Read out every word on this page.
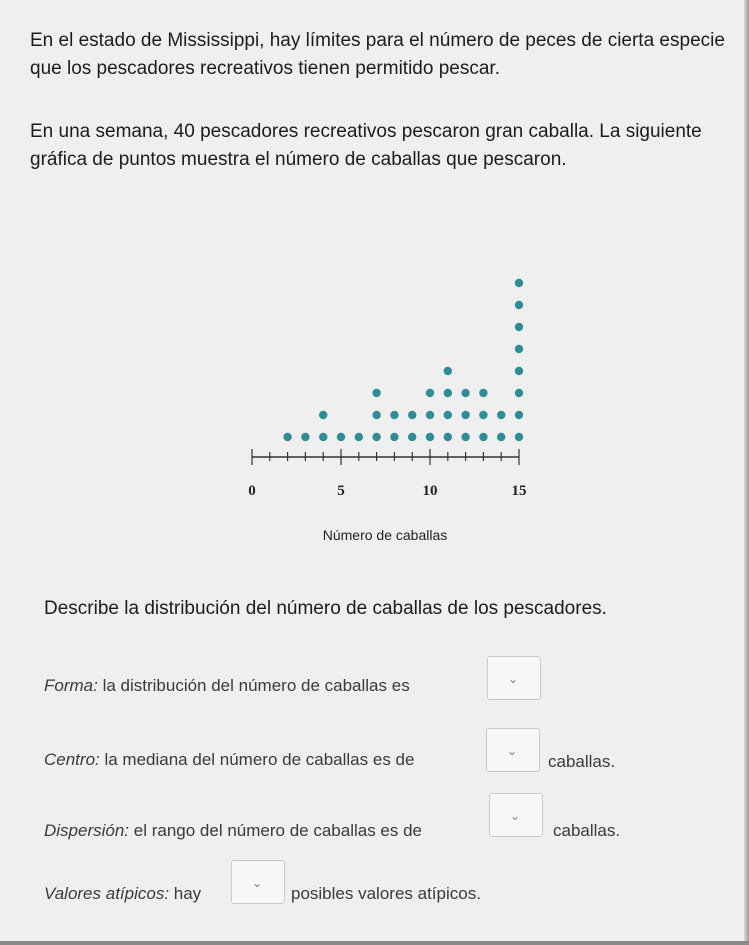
En el estado de Mississippi, hay límites para el número de peces de cierta especie que los pescadores recreativos tienen permitido pescar.

En una semana, 40 pescadores recreativos pescaron gran caballa. La siguiente gráfica de puntos muestra el número de caballas que pescaron.

0	5	10	15
Número de caballas

Describe la distribución del número de caballas de los pescadores.

Forma: la distribución del número de caballas es	⌄
Centro: la mediana del número de caballas es de	⌄
caballas.
Dispersión: el rango del número de caballas es de
⌄
caballas.
Valores atípicos: hay
⌄
posibles valores atípicos.
